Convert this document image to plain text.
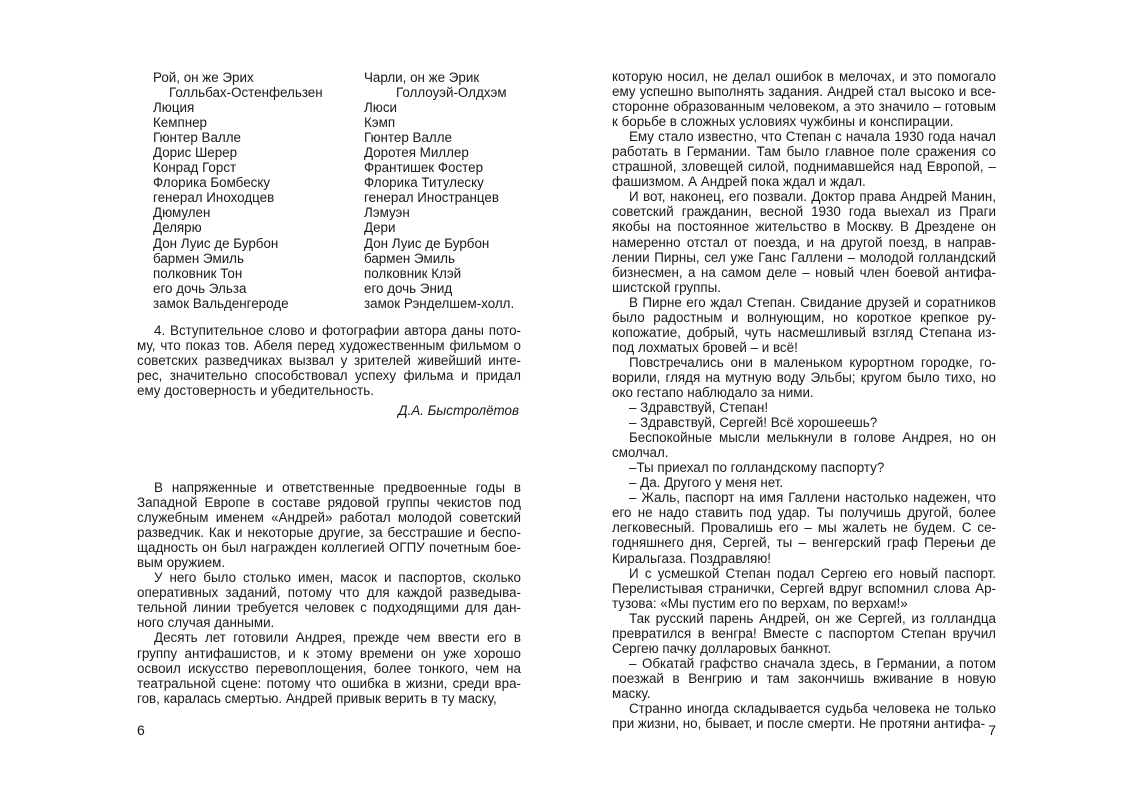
Рой, он же Эрих	Чарли, он же Эрик
Голльбах-Остенфельзен	Голлоуэй-Олдхэм
Люция	Люси
Кемпнер	Кэмп
Гюнтер Валле	Гюнтер Валле
Дорис Шерер	Доротея Миллер
Конрад Горст	Франтишек Фостер
Флорика Бомбеску	Флорика Титулеску
генерал Иноходцев	генерал Иностранцев
Дюмулен	Лэмуэн
Делярю	Дери
Дон Луис де Бурбон	Дон Луис де Бурбон
бармен Эмиль	бармен Эмиль
полковник Тон	полковник Клэй
его дочь Эльза	его дочь Энид
замок Вальденгероде	замок Рэнделшем-холл.

4. Вступительное слово и фотографии автора даны потому, что показ тов. Абеля перед художественным фильмом о советских разведчиках вызвал у зрителей живейший интерес, значительно способствовал успеху фильма и придал ему достоверность и убедительность.

Д.А. Быстролётов

В напряженные и ответственные предвоенные годы в Западной Европе в составе рядовой группы чекистов под служебным именем «Андрей» работал молодой советский разведчик. Как и некоторые другие, за бесстрашие и беспощадность он был награжден коллегией ОГПУ почетным боевым оружием.

У него было столько имен, масок и паспортов, сколько оперативных заданий, потому что для каждой разведывательной линии требуется человек с подходящими для данного случая данными.

Десять лет готовили Андрея, прежде чем ввести его в группу антифашистов, и к этому времени он уже хорошо освоил искусство перевоплощения, более тонкого, чем на театральной сцене: потому что ошибка в жизни, среди врагов, каралась смертью. Андрей привык верить в ту маску,

6

которую носил, не делал ошибок в мелочах, и это помогало ему успешно выполнять задания. Андрей стал высоко и всесторонне образованным человеком, а это значило – готовым к борьбе в сложных условиях чужбины и конспирации.

Ему стало известно, что Степан с начала 1930 года начал работать в Германии. Там было главное поле сражения со страшной, зловещей силой, поднимавшейся над Европой, – фашизмом. А Андрей пока ждал и ждал.

И вот, наконец, его позвали. Доктор права Андрей Манин, советский гражданин, весной 1930 года выехал из Праги якобы на постоянное жительство в Москву. В Дрездене он намеренно отстал от поезда, и на другой поезд, в направлении Пирны, сел уже Ганс Галлени – молодой голландский бизнесмен, а на самом деле – новый член боевой антифашистской группы.

В Пирне его ждал Степан. Свидание друзей и соратников было радостным и волнующим, но короткое крепкое рукопожатие, добрый, чуть насмешливый взгляд Степана изпод лохматых бровей – и всё!

Повстречались они в маленьком курортном городке, говорили, глядя на мутную воду Эльбы; кругом было тихо, но око гестапо наблюдало за ними.

– Здравствуй, Степан!

– Здравствуй, Сергей! Всё хорошеешь?

Беспокойные мысли мелькнули в голове Андрея, но он смолчал.

–Ты приехал по голландскому паспорту?

– Да. Другого у меня нет.

– Жаль, паспорт на имя Галлени настолько надежен, что его не надо ставить под удар. Ты получишь другой, более легковесный. Провалишь его – мы жалеть не будем. С сегодняшнего дня, Сергей, ты – венгерский граф Перењи де Киральгаза. Поздравляю!

И с усмешкой Степан подал Сергею его новый паспорт. Перелистывая странички, Сергей вдруг вспомнил слова Артузова: «Мы пустим его по верхам, по верхам!»

Так русский парень Андрей, он же Сергей, из голландца превратился в венгра! Вместе с паспортом Степан вручил Сергею пачку долларовых банкнот.

– Обкатай графство сначала здесь, в Германии, а потом поезжай в Венгрию и там закончишь вживание в новую маску.

Странно иногда складывается судьба человека не только при жизни, но, бывает, и после смерти. Не протяни антифа- 7
